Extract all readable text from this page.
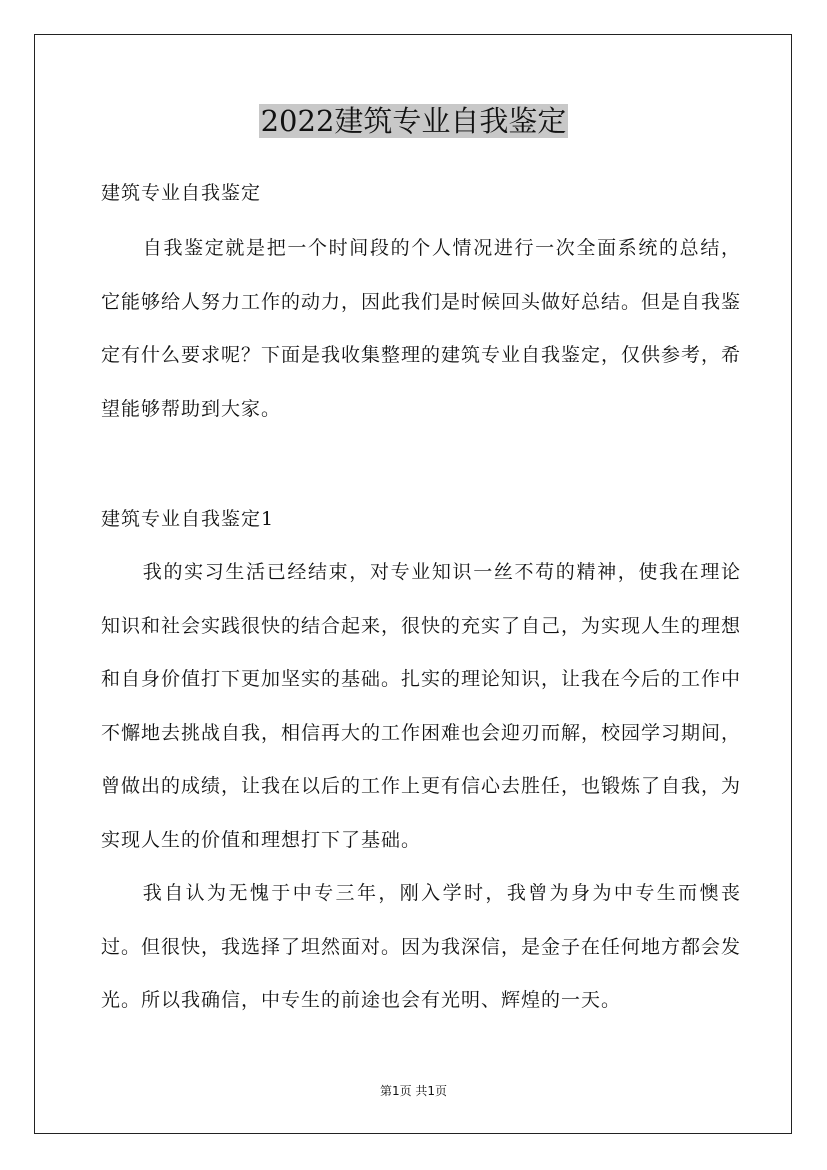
2022建筑专业自我鉴定
建筑专业自我鉴定

自我鉴定就是把一个时间段的个人情况进行一次全面系统的总结，它能够给人努力工作的动力，因此我们是时候回头做好总结。但是自我鉴定有什么要求呢？下面是我收集整理的建筑专业自我鉴定，仅供参考，希望能够帮助到大家。

建筑专业自我鉴定1

我的实习生活已经结束，对专业知识一丝不苟的精神，使我在理论知识和社会实践很快的结合起来，很快的充实了自己，为实现人生的理想和自身价值打下更加坚实的基础。扎实的理论知识，让我在今后的工作中不懈地去挑战自我，相信再大的工作困难也会迎刃而解，校园学习期间，曾做出的成绩，让我在以后的工作上更有信心去胜任，也锻炼了自我，为实现人生的价值和理想打下了基础。

我自认为无愧于中专三年，刚入学时，我曾为身为中专生而懊丧过。但很快，我选择了坦然面对。因为我深信，是金子在任何地方都会发光。所以我确信，中专生的前途也会有光明、辉煌的一天。

第1页 共1页
